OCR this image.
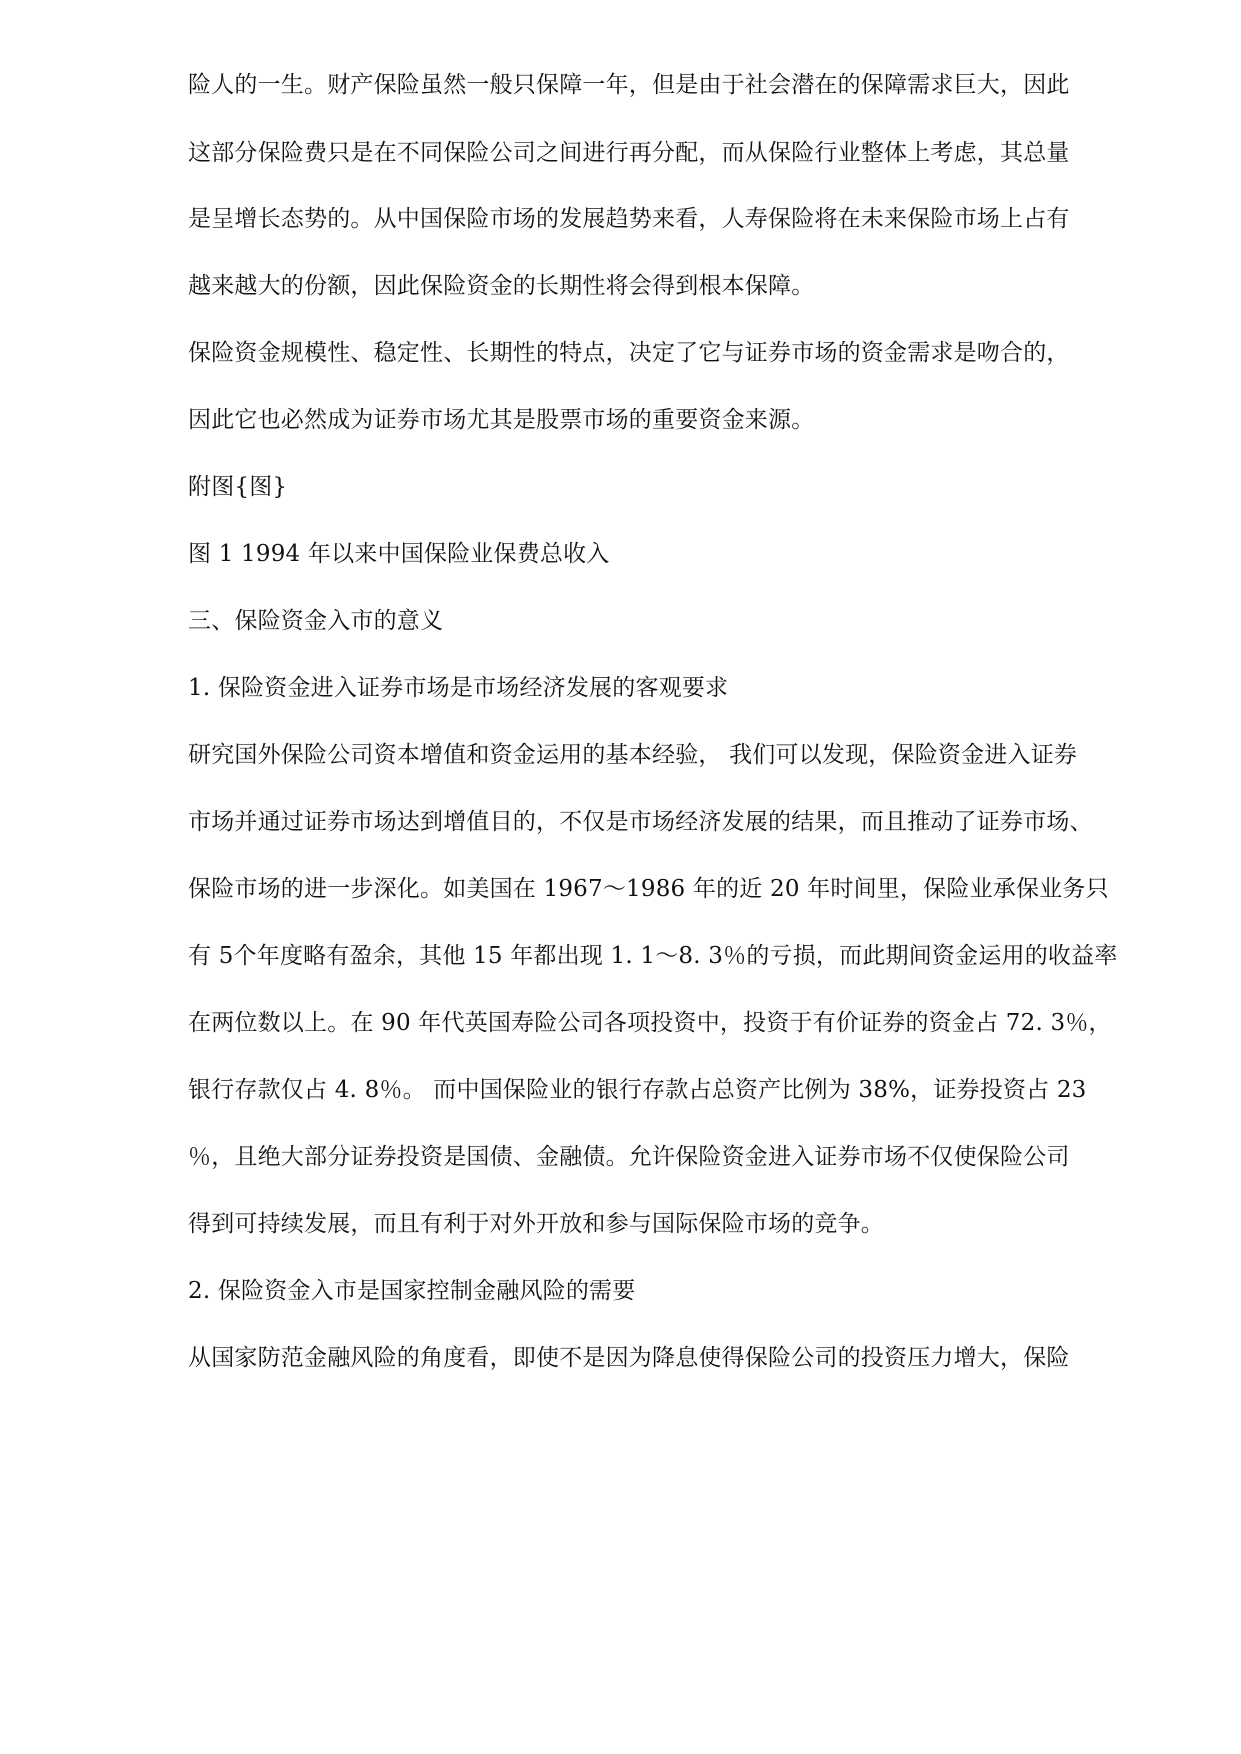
险人的一生。财产保险虽然一般只保障一年，但是由于社会潜在的保障需求巨大，因此
这部分保险费只是在不同保险公司之间进行再分配，而从保险行业整体上考虑，其总量
是呈增长态势的。从中国保险市场的发展趋势来看，人寿保险将在未来保险市场上占有
越来越大的份额，因此保险资金的长期性将会得到根本保障。
保险资金规模性、稳定性、长期性的特点，决定了它与证券市场的资金需求是吻合的，
因此它也必然成为证券市场尤其是股票市场的重要资金来源。
附图{图}
图 1 1994 年以来中国保险业保费总收入
三、保险资金入市的意义
1. 保险资金进入证券市场是市场经济发展的客观要求
研究国外保险公司资本增值和资金运用的基本经验， 我们可以发现，保险资金进入证券
市场并通过证券市场达到增值目的，不仅是市场经济发展的结果，而且推动了证券市场、
保险市场的进一步深化。如美国在 1967～1986 年的近 20 年时间里，保险业承保业务只
有 5个年度略有盈余，其他 15 年都出现 1. 1～8. 3％的亏损，而此期间资金运用的收益率
在两位数以上。在 90 年代英国寿险公司各项投资中，投资于有价证券的资金占 72. 3％，
银行存款仅占 4. 8％。 而中国保险业的银行存款占总资产比例为 38%，证券投资占 23
％，且绝大部分证券投资是国债、金融债。允许保险资金进入证券市场不仅使保险公司
得到可持续发展，而且有利于对外开放和参与国际保险市场的竞争。
2. 保险资金入市是国家控制金融风险的需要
从国家防范金融风险的角度看，即使不是因为降息使得保险公司的投资压力增大，保险
